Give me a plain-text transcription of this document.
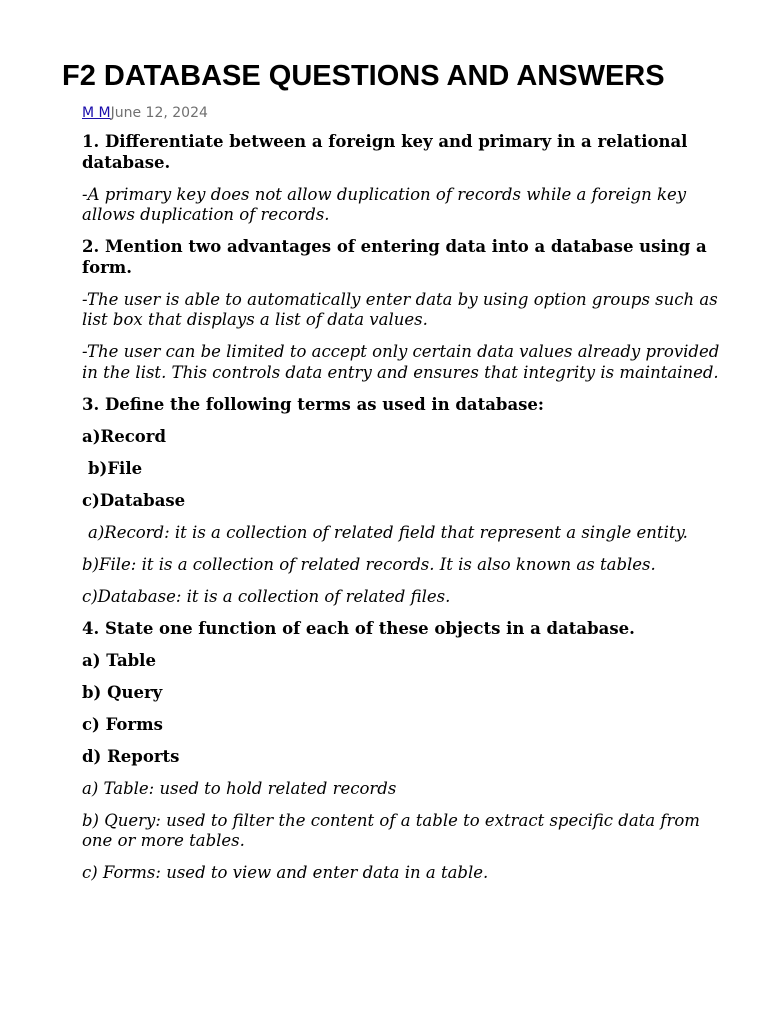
F2 DATABASE QUESTIONS AND ANSWERS
M MJune 12, 2024

1. Differentiate between a foreign key and primary in a relational database.

-A primary key does not allow duplication of records while a foreign key allows duplication of records.

2. Mention two advantages of entering data into a database using a form.

-The user is able to automatically enter data by using option groups such as list box that displays a list of data values.

-The user can be limited to accept only certain data values already provided in the list. This controls data entry and ensures that integrity is maintained.

3. Define the following terms as used in database:

a)Record

b)File

c)Database

a)Record: it is a collection of related field that represent a single entity.

b)File: it is a collection of related records. It is also known as tables.

c)Database: it is a collection of related files.

4. State one function of each of these objects in a database.

a) Table

b) Query

c) Forms

d) Reports

a) Table: used to hold related records

b) Query: used to filter the content of a table to extract specific data from one or more tables.

c) Forms: used to view and enter data in a table.
